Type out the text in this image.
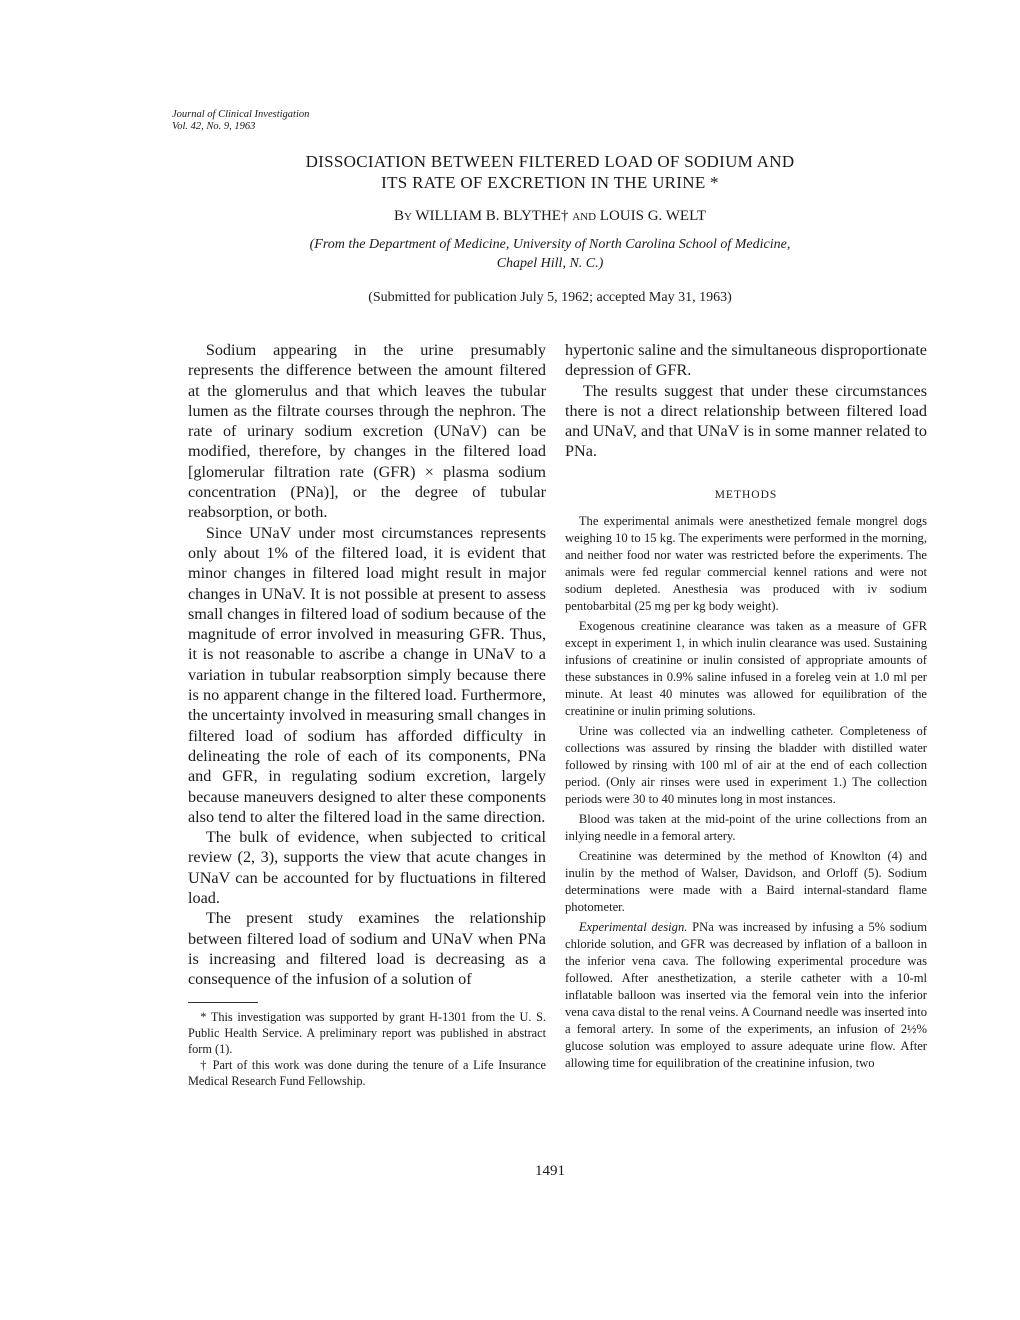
Journal of Clinical Investigation
Vol. 42, No. 9, 1963
DISSOCIATION BETWEEN FILTERED LOAD OF SODIUM AND
ITS RATE OF EXCRETION IN THE URINE *
By WILLIAM B. BLYTHE† and LOUIS G. WELT
(From the Department of Medicine, University of North Carolina School of Medicine,
Chapel Hill, N. C.)
(Submitted for publication July 5, 1962; accepted May 31, 1963)

Sodium appearing in the urine presumably represents the difference between the amount filtered at the glomerulus and that which leaves the tubular lumen as the filtrate courses through the nephron. The rate of urinary sodium excretion (UNaV) can be modified, therefore, by changes in the filtered load [glomerular filtration rate (GFR) × plasma sodium concentration (PNa)], or the degree of tubular reabsorption, or both.

Since UNaV under most circumstances represents only about 1% of the filtered load, it is evident that minor changes in filtered load might result in major changes in UNaV. It is not possible at present to assess small changes in filtered load of sodium because of the magnitude of error involved in measuring GFR. Thus, it is not reasonable to ascribe a change in UNaV to a variation in tubular reabsorption simply because there is no apparent change in the filtered load. Furthermore, the uncertainty involved in measuring small changes in filtered load of sodium has afforded difficulty in delineating the role of each of its components, PNa and GFR, in regulating sodium excretion, largely because maneuvers designed to alter these components also tend to alter the filtered load in the same direction.

The bulk of evidence, when subjected to critical review (2, 3), supports the view that acute changes in UNaV can be accounted for by fluctuations in filtered load.

The present study examines the relationship between filtered load of sodium and UNaV when PNa is increasing and filtered load is decreasing as a consequence of the infusion of a solution of

* This investigation was supported by grant H-1301 from the U. S. Public Health Service. A preliminary report was published in abstract form (1).

† Part of this work was done during the tenure of a Life Insurance Medical Research Fund Fellowship.

hypertonic saline and the simultaneous disproportionate depression of GFR.

The results suggest that under these circumstances there is not a direct relationship between filtered load and UNaV, and that UNaV is in some manner related to PNa.

METHODS

The experimental animals were anesthetized female mongrel dogs weighing 10 to 15 kg. The experiments were performed in the morning, and neither food nor water was restricted before the experiments. The animals were fed regular commercial kennel rations and were not sodium depleted. Anesthesia was produced with iv sodium pentobarbital (25 mg per kg body weight).

Exogenous creatinine clearance was taken as a measure of GFR except in experiment 1, in which inulin clearance was used. Sustaining infusions of creatinine or inulin consisted of appropriate amounts of these substances in 0.9% saline infused in a foreleg vein at 1.0 ml per minute. At least 40 minutes was allowed for equilibration of the creatinine or inulin priming solutions.

Urine was collected via an indwelling catheter. Completeness of collections was assured by rinsing the bladder with distilled water followed by rinsing with 100 ml of air at the end of each collection period. (Only air rinses were used in experiment 1.) The collection periods were 30 to 40 minutes long in most instances.

Blood was taken at the mid-point of the urine collections from an inlying needle in a femoral artery.

Creatinine was determined by the method of Knowlton (4) and inulin by the method of Walser, Davidson, and Orloff (5). Sodium determinations were made with a Baird internal-standard flame photometer.

Experimental design. PNa was increased by infusing a 5% sodium chloride solution, and GFR was decreased by inflation of a balloon in the inferior vena cava. The following experimental procedure was followed. After anesthetization, a sterile catheter with a 10-ml inflatable balloon was inserted via the femoral vein into the inferior vena cava distal to the renal veins. A Cournand needle was inserted into a femoral artery. In some of the experiments, an infusion of 2½% glucose solution was employed to assure adequate urine flow. After allowing time for equilibration of the creatinine infusion, two

1491
